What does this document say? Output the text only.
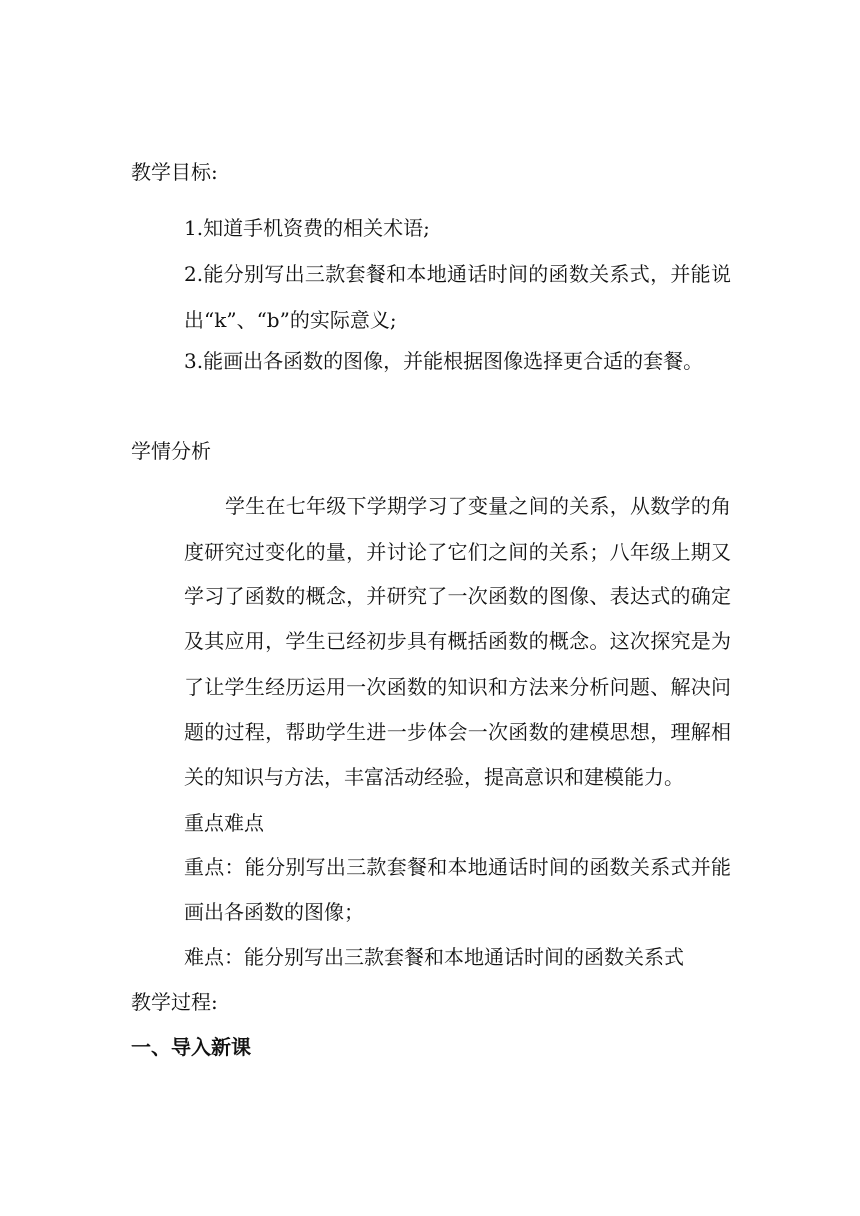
教学目标:
1.知道手机资费的相关术语;
2.能分别写出三款套餐和本地通话时间的函数关系式，并能说
出“k”、“b”的实际意义;
3.能画出各函数的图像，并能根据图像选择更合适的套餐。
学情分析
学生在七年级下学期学习了变量之间的关系，从数学的角
度研究过变化的量，并讨论了它们之间的关系；八年级上期又
学习了函数的概念，并研究了一次函数的图像、表达式的确定
及其应用，学生已经初步具有概括函数的概念。这次探究是为
了让学生经历运用一次函数的知识和方法来分析问题、解决问
题的过程，帮助学生进一步体会一次函数的建模思想，理解相
关的知识与方法，丰富活动经验，提高意识和建模能力。
重点难点
重点：能分别写出三款套餐和本地通话时间的函数关系式并能
画出各函数的图像；
难点：能分别写出三款套餐和本地通话时间的函数关系式
教学过程:
一、导入新课
